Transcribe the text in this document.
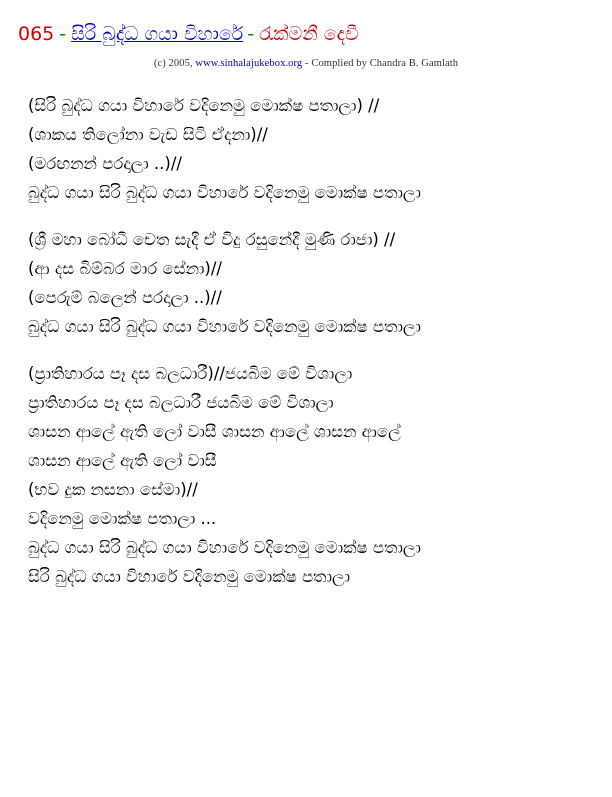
065 - සිරි බුද්ධ ගයා විහාරේ - රැක්මනී දෙවී
(c) 2005, www.sinhalajukebox.org - Complied by Chandra B. Gamlath
(සිරි බුද්ධ ගයා විහාරේ වදිනෙමු මොක්ෂ පතාලා) //
(ශාකය තිලෝනා වැඩ සිටි ඒදනා)//
(මරඟනන් පරදාලා ..)//
බුද්ධ ගයා සිරි බුද්ධ ගයා විහාරේ වදිනෙමු මොක්ෂ පතාලා
(ශ්‍රී මහා බෝධී චෙත සැදී ඒ විදු රසුනේදී මුණි රාජා) //
(ආ දස බිම්බර මාර සේනා)//
(පෙරුම් බලෙන් පරදාලා ..)//
බුද්ධ ගයා සිරි බුද්ධ ගයා විහාරේ වදිනෙමු මොක්ෂ පතාලා
(ප්‍රාතිහාරය පෑ දස බලධාරී)//ජයබිම මේ විශාලා
ප්‍රාතිහාරය පෑ දස බලධාරී ජයබිම මේ විශාලා
ශාසන ආලේ ඇති ලෝ වාසී ශාසන ආලේ ශාසන ආලේ
ශාසන ආලේ ඇති ලෝ වාසී
(භව දුක නසනා සේමා)//
වදිනෙමු මොක්ෂ පතාලා ...
බුද්ධ ගයා සිරි බුද්ධ ගයා විහාරේ වදිනෙමු මොක්ෂ පතාලා
සිරි බුද්ධ ගයා විහාරේ වදිනෙමු මොක්ෂ පතාලා
